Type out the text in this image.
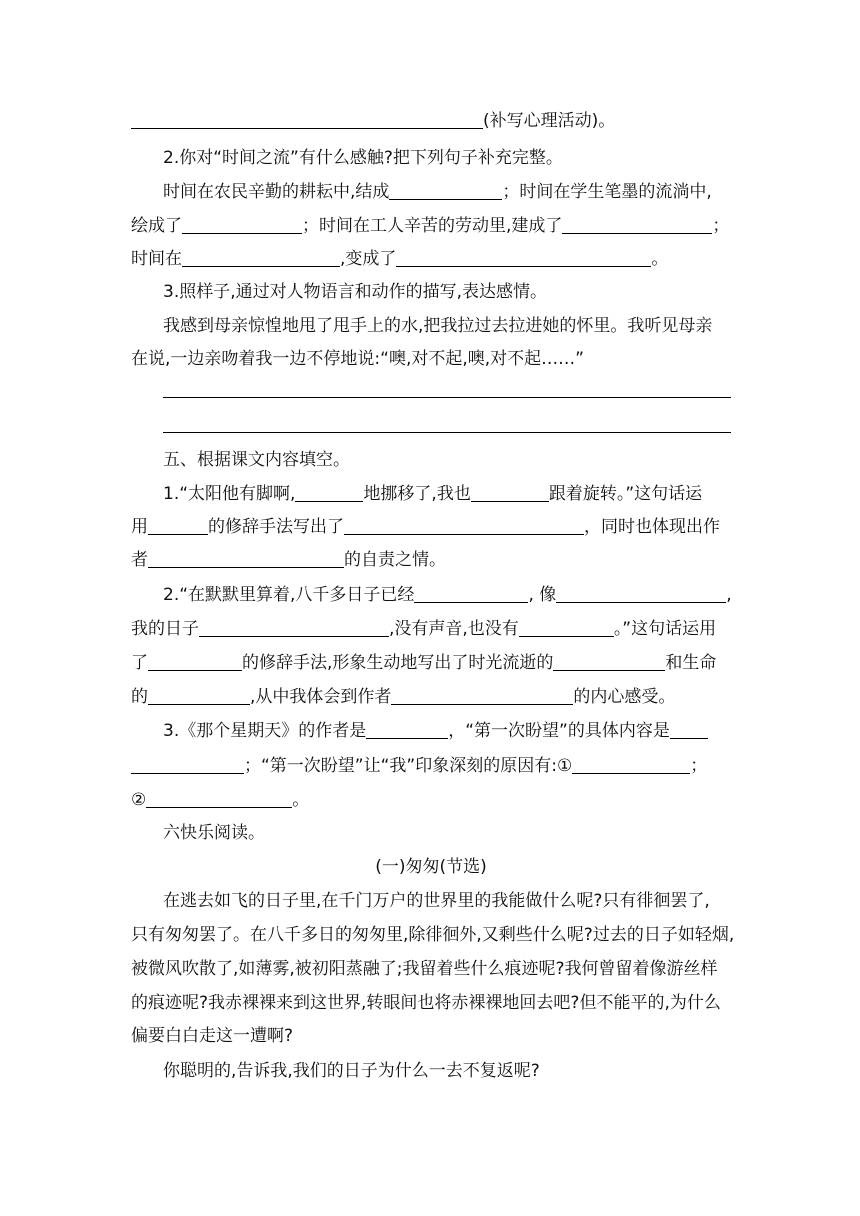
(补写心理活动)。
2.你对“时间之流”有什么感触?把下列句子补充完整。
时间在农民辛勤的耕耘中,结成	；时间在学生笔墨的流淌中,
绘成了	；时间在工人辛苦的劳动里,建成了	；
时间在	,变成了	。
3.照样子,通过对人物语言和动作的描写,表达感情。
我感到母亲惊惶地甩了甩手上的水,把我拉过去拉进她的怀里。我听见母亲
在说,一边亲吻着我一边不停地说:“噢,对不起,噢,对不起……”
五、根据课文内容填空。
1.“太阳他有脚啊,	地挪移了,我也	跟着旋转。”这句话运
用	的修辞手法写出了	，同时也体现出作
者	的自责之情。
2.“在默默里算着,八千多日子已经	, 像	,
我的日子	,没有声音,也没有	。”这句话运用
了	的修辞手法,形象生动地写出了时光流逝的	和生命
的	,从中我体会到作者	的内心感受。
3.《那个星期天》的作者是	，“第一次盼望”的具体内容是
；“第一次盼望”让“我”印象深刻的原因有:①	；
②	。
六快乐阅读。
(一)匆匆(节选)
在逃去如飞的日子里,在千门万户的世界里的我能做什么呢?只有徘徊罢了,
只有匆匆罢了。在八千多日的匆匆里,除徘徊外,又剩些什么呢?过去的日子如轻烟,
被微风吹散了,如薄雾,被初阳蒸融了;我留着些什么痕迹呢?我何曾留着像游丝样
的痕迹呢?我赤裸裸来到这世界,转眼间也将赤裸裸地回去吧?但不能平的,为什么
偏要白白走这一遭啊?
你聪明的,告诉我,我们的日子为什么一去不复返呢?
